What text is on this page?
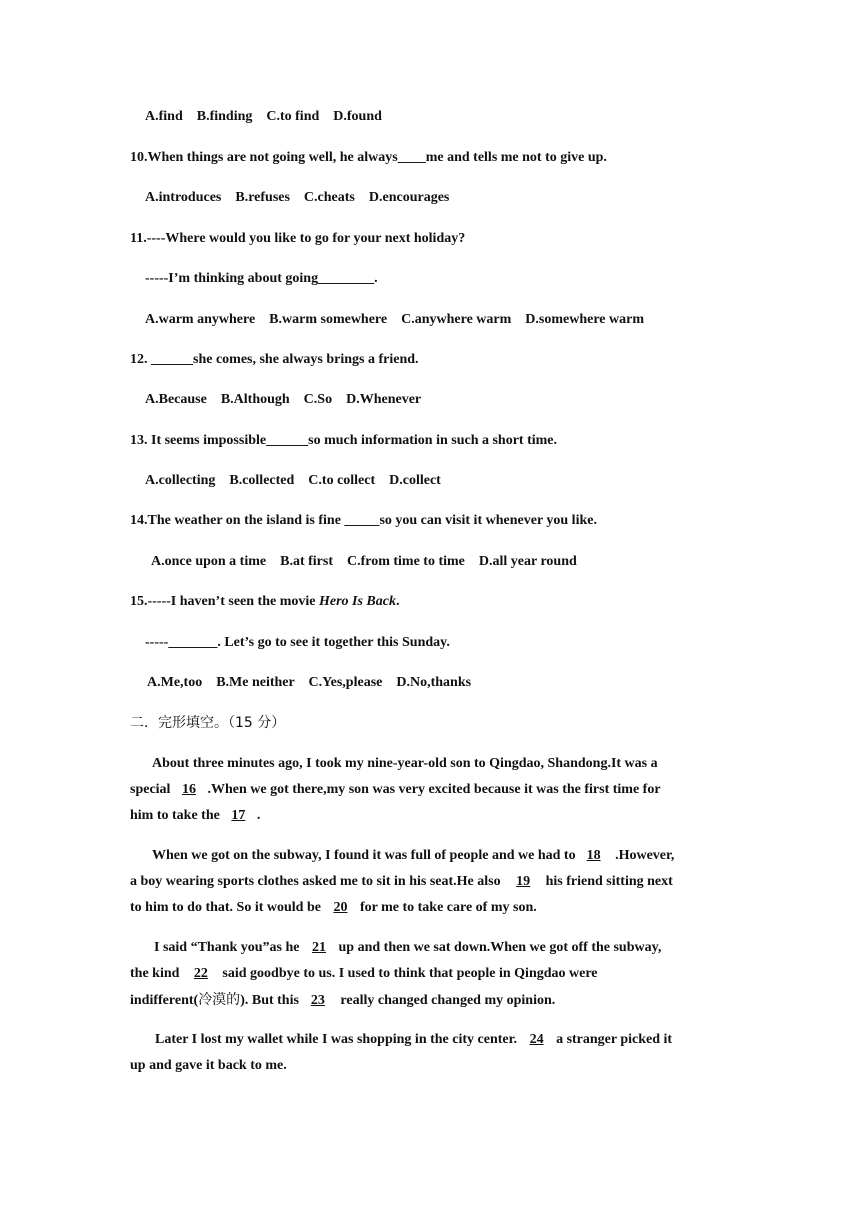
A.find    B.finding    C.to find    D.found
10.When things are not going well, he always____me and tells me not to give up.
A.introduces    B.refuses    C.cheats    D.encourages
11.----Where would you like to go for your next holiday?
-----I’m thinking about going________.
A.warm anywhere    B.warm somewhere    C.anywhere warm    D.somewhere warm
12. ______she comes, she always brings a friend.
A.Because    B.Although    C.So    D.Whenever
13. It seems impossible______so much information in such a short time.
A.collecting    B.collected    C.to collect    D.collect
14.The weather on the island is fine _____so you can visit it whenever you like.
A.once upon a time    B.at first    C.from time to time    D.all year round
15.-----I haven’t seen the movie Hero Is Back.
-----_______. Let’s go to see it together this Sunday.
A.Me,too    B.Me neither    C.Yes,please    D.No,thanks
二．完形填空。（15 分）
About three minutes ago, I took my nine-year-old son to Qingdao, Shandong.It was a
special 16 .When we got there,my son was very excited because it was the first time for
him to take the 17 .
When we got on the subway, I found it was full of people and we had to 18 .However,
a boy wearing sports clothes asked me to sit in his seat.He also 19 his friend sitting next
to him to do that. So it would be 20 for me to take care of my son.
I said “Thank you”as he 21 up and then we sat down.When we got off the subway,
the kind 22 said goodbye to us. I used to think that people in Qingdao were
indifferent(冷漠的). But this 23 really changed changed my opinion.
Later I lost my wallet while I was shopping in the city center. 24 a stranger picked it
up and gave it back to me.
